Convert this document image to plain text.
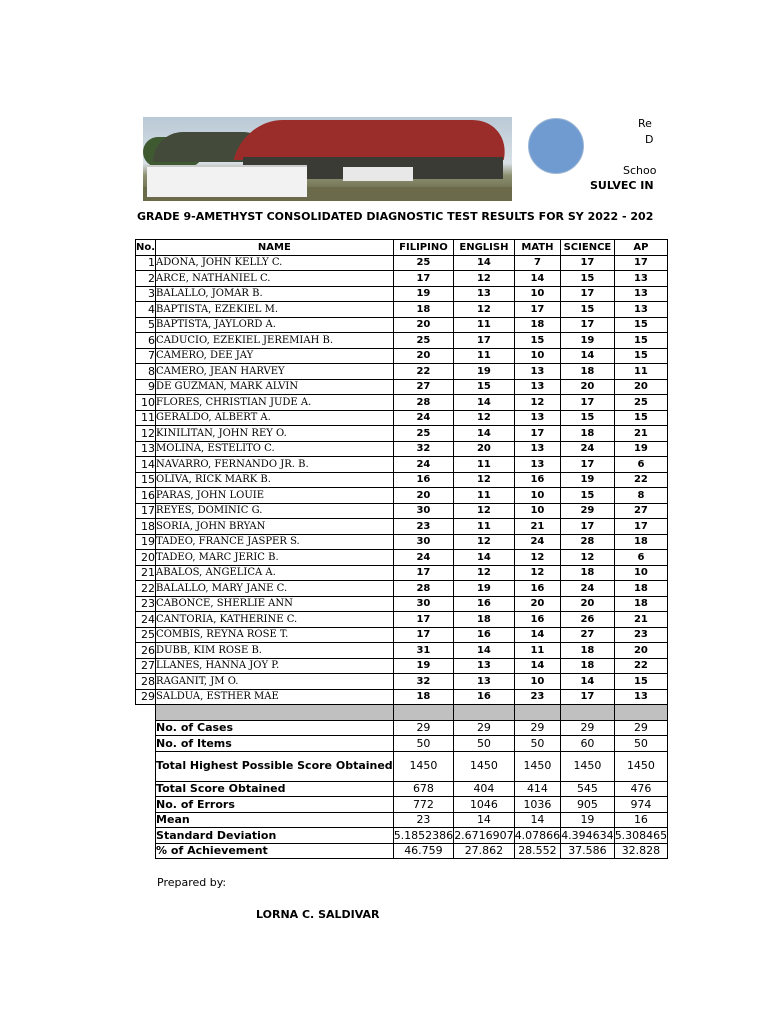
Re
D
Schoo
SULVEC IN
GRADE 9-AMETHYST CONSOLIDATED DIAGNOSTIC TEST RESULTS FOR SY 2022 - 202
No.	NAME	FILIPINO	ENGLISH	MATH	SCIENCE	AP
1	ADONA, JOHN KELLY C.	25	14	7	17	17
2	ARCE, NATHANIEL C.	17	12	14	15	13
3	BALALLO, JOMAR B.	19	13	10	17	13
4	BAPTISTA, EZEKIEL M.	18	12	17	15	13
5	BAPTISTA, JAYLORD A.	20	11	18	17	15
6	CADUCIO, EZEKIEL JEREMIAH B.	25	17	15	19	15
7	CAMERO, DEE JAY	20	11	10	14	15
8	CAMERO, JEAN HARVEY	22	19	13	18	11
9	DE GUZMAN, MARK ALVIN	27	15	13	20	20
10	FLORES, CHRISTIAN JUDE A.	28	14	12	17	25
11	GERALDO, ALBERT A.	24	12	13	15	15
12	KINILITAN, JOHN REY O.	25	14	17	18	21
13	MOLINA, ESTELITO C.	32	20	13	24	19
14	NAVARRO, FERNANDO JR. B.	24	11	13	17	6
15	OLIVA, RICK MARK B.	16	12	16	19	22
16	PARAS, JOHN LOUIE	20	11	10	15	8
17	REYES, DOMINIC G.	30	12	10	29	27
18	SORIA, JOHN BRYAN	23	11	21	17	17
19	TADEO, FRANCE JASPER S.	30	12	24	28	18
20	TADEO, MARC JERIC B.	24	14	12	12	6
21	ABALOS, ANGELICA A.	17	12	12	18	10
22	BALALLO, MARY JANE C.	28	19	16	24	18
23	CABONCE, SHERLIE ANN	30	16	20	20	18
24	CANTORIA, KATHERINE C.	17	18	16	26	21
25	COMBIS, REYNA ROSE T.	17	16	14	27	23
26	DUBB, KIM ROSE B.	31	14	11	18	20
27	LLANES, HANNA JOY P.	19	13	14	18	22
28	RAGANIT, JM O.	32	13	10	14	15
29	SALDUA, ESTHER MAE	18	16	23	17	13

	No. of Cases	29	29	29	29	29
	No. of Items	50	50	50	60	50
	Total Highest Possible Score Obtained	1450	1450	1450	1450	1450
	Total Score Obtained	678	404	414	545	476
	No. of Errors	772	1046	1036	905	974
	Mean	23	14	14	19	16
	Standard Deviation	5.1852386	2.6716907	4.07866	4.394634	5.308465
	% of Achievement	46.759	27.862	28.552	37.586	32.828
Prepared by:
LORNA C. SALDIVAR
